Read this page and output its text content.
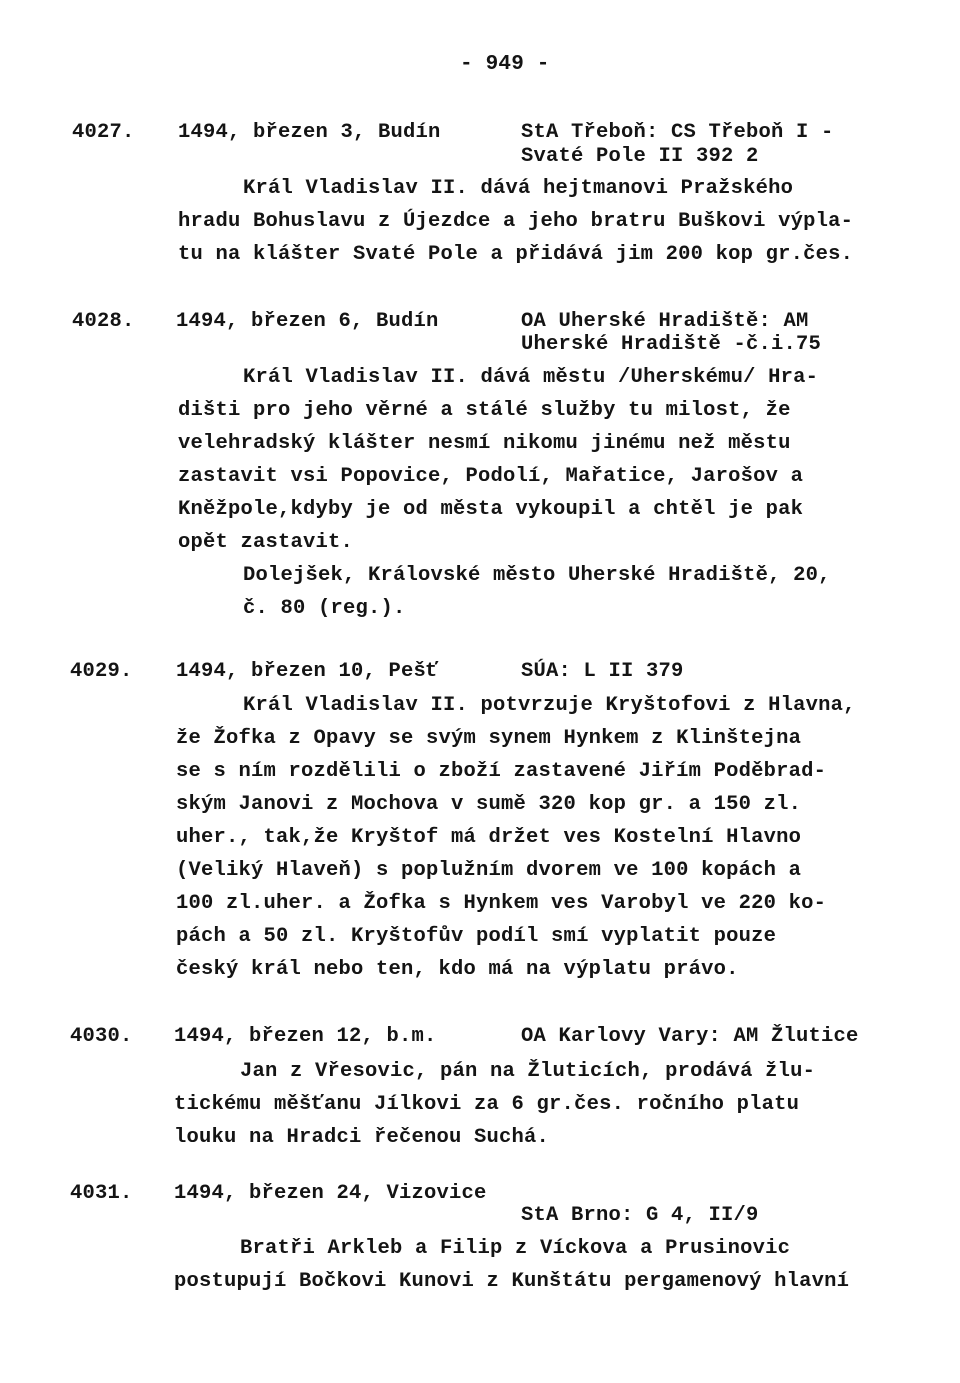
- 949 -
4027. 1494, březen 3, Budín	StA Třeboň: CS Třeboň I -
Svaté Pole II 392 2
Král Vladislav II. dává hejtmanovi Pražského
hradu Bohuslavu z Újezdce a jeho bratru Buškovi výpla-
tu na klášter Svaté Pole a přidává jim 200 kop gr.čes.
4028. 1494, březen 6, Budín	OA Uherské Hradiště: AM
Uherské Hradiště -č.i.75
Král Vladislav II. dává městu /Uherskému/ Hra-
dišti pro jeho věrné a stálé služby tu milost, že
velehradský klášter nesmí nikomu jinému než městu
zastavit vsi Popovice, Podolí, Mařatice, Jarošov a
Kněžpole,kdyby je od města vykoupil a chtěl je pak
opět zastavit.
Dolejšek, Královské město Uherské Hradiště, 20,
č. 80 (reg.).
4029. 1494, březen 10, Pešť	SÚA: L II 379
Král Vladislav II. potvrzuje Kryštofovi z Hlavna,
že Žofka z Opavy se svým synem Hynkem z Klinštejna
se s ním rozdělili o zboží zastavené Jiřím Poděbrad-
ským Janovi z Mochova v sumě 320 kop gr. a 150 zl.
uher., tak,že Kryštof má držet ves Kostelní Hlavno
(Veliký Hlaveň) s poplužním dvorem ve 100 kopách a
100 zl.uher. a Žofka s Hynkem ves Varobyl ve 220 ko-
pách a 50 zl. Kryštofův podíl smí vyplatit pouze
český král nebo ten, kdo má na výplatu právo.
4030. 1494, březen 12, b.m.	OA Karlovy Vary: AM Žlutice
Jan z Vřesovic, pán na Žluticích, prodává žlu-
tickému měšťanu Jílkovi za 6 gr.čes. ročního platu
louku na Hradci řečenou Suchá.
4031. 1494, březen 24, Vizovice
StA Brno: G 4, II/9
Bratři Arkleb a Filip z Víckova a Prusinovic
postupují Bočkovi Kunovi z Kunštátu pergamenový hlavní
